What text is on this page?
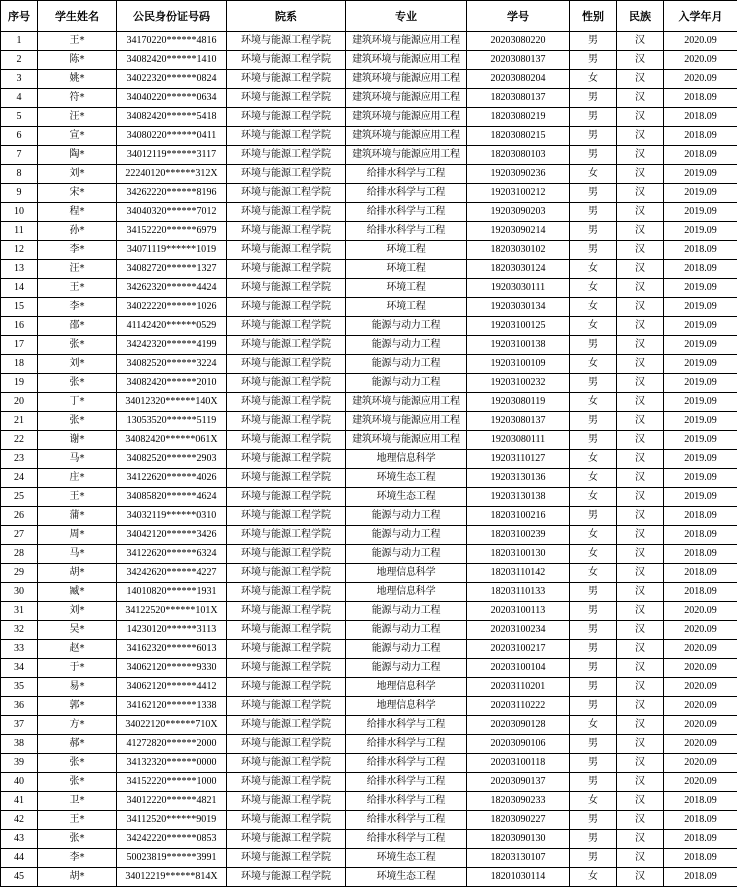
序号	学生姓名	公民身份证号码	院系	专业	学号	性别	民族	入学年月
1	王*	34170220******4816	环境与能源工程学院	建筑环境与能源应用工程	20203080220	男	汉	2020.09
2	陈*	34082420******1410	环境与能源工程学院	建筑环境与能源应用工程	20203080137	男	汉	2020.09
3	姚*	34022320******0824	环境与能源工程学院	建筑环境与能源应用工程	20203080204	女	汉	2020.09
4	符*	34040220******0634	环境与能源工程学院	建筑环境与能源应用工程	18203080137	男	汉	2018.09
5	汪*	34082420******5418	环境与能源工程学院	建筑环境与能源应用工程	18203080219	男	汉	2018.09
6	宣*	34080220******0411	环境与能源工程学院	建筑环境与能源应用工程	18203080215	男	汉	2018.09
7	陶*	34012119******3117	环境与能源工程学院	建筑环境与能源应用工程	18203080103	男	汉	2018.09
8	刘*	22240120******312X	环境与能源工程学院	给排水科学与工程	19203090236	女	汉	2019.09
9	宋*	34262220******8196	环境与能源工程学院	给排水科学与工程	19203100212	男	汉	2019.09
10	程*	34040320******7012	环境与能源工程学院	给排水科学与工程	19203090203	男	汉	2019.09
11	孙*	34152220******6979	环境与能源工程学院	给排水科学与工程	19203090214	男	汉	2019.09
12	李*	34071119******1019	环境与能源工程学院	环境工程	18203030102	男	汉	2018.09
13	汪*	34082720******1327	环境与能源工程学院	环境工程	18203030124	女	汉	2018.09
14	王*	34262320******4424	环境与能源工程学院	环境工程	19203030111	女	汉	2019.09
15	李*	34022220******1026	环境与能源工程学院	环境工程	19203030134	女	汉	2019.09
16	邵*	41142420******0529	环境与能源工程学院	能源与动力工程	19203100125	女	汉	2019.09
17	张*	34242320******4199	环境与能源工程学院	能源与动力工程	19203100138	男	汉	2019.09
18	刘*	34082520******3224	环境与能源工程学院	能源与动力工程	19203100109	女	汉	2019.09
19	张*	34082420******2010	环境与能源工程学院	能源与动力工程	19203100232	男	汉	2019.09
20	丁*	34012320******140X	环境与能源工程学院	建筑环境与能源应用工程	19203080119	女	汉	2019.09
21	张*	13053520******5119	环境与能源工程学院	建筑环境与能源应用工程	19203080137	男	汉	2019.09
22	谢*	34082420******061X	环境与能源工程学院	建筑环境与能源应用工程	19203080111	男	汉	2019.09
23	马*	34082520******2903	环境与能源工程学院	地理信息科学	19203110127	女	汉	2019.09
24	庄*	34122620******4026	环境与能源工程学院	环境生态工程	19203130136	女	汉	2019.09
25	王*	34085820******4624	环境与能源工程学院	环境生态工程	19203130138	女	汉	2019.09
26	蒲*	34032119******0310	环境与能源工程学院	能源与动力工程	18203100216	男	汉	2018.09
27	周*	34042120******3426	环境与能源工程学院	能源与动力工程	18203100239	女	汉	2018.09
28	马*	34122620******6324	环境与能源工程学院	能源与动力工程	18203100130	女	汉	2018.09
29	胡*	34242620******4227	环境与能源工程学院	地理信息科学	18203110142	女	汉	2018.09
30	臧*	14010820******1931	环境与能源工程学院	地理信息科学	18203110133	男	汉	2018.09
31	刘*	34122520******101X	环境与能源工程学院	能源与动力工程	20203100113	男	汉	2020.09
32	吴*	14230120******3113	环境与能源工程学院	能源与动力工程	20203100234	男	汉	2020.09
33	赵*	34162320******6013	环境与能源工程学院	能源与动力工程	20203100217	男	汉	2020.09
34	于*	34062120******9330	环境与能源工程学院	能源与动力工程	20203100104	男	汉	2020.09
35	易*	34062120******4412	环境与能源工程学院	地理信息科学	20203110201	男	汉	2020.09
36	郭*	34162120******1338	环境与能源工程学院	地理信息科学	20203110222	男	汉	2020.09
37	方*	34022120******710X	环境与能源工程学院	给排水科学与工程	20203090128	女	汉	2020.09
38	郝*	41272820******2000	环境与能源工程学院	给排水科学与工程	20203090106	男	汉	2020.09
39	张*	34132320******0000	环境与能源工程学院	给排水科学与工程	20203100118	男	汉	2020.09
40	张*	34152220******1000	环境与能源工程学院	给排水科学与工程	20203090137	男	汉	2020.09
41	卫*	34012220******4821	环境与能源工程学院	给排水科学与工程	18203090233	女	汉	2018.09
42	王*	34112520******9019	环境与能源工程学院	给排水科学与工程	18203090227	男	汉	2018.09
43	张*	34242220******0853	环境与能源工程学院	给排水科学与工程	18203090130	男	汉	2018.09
44	李*	50023819******3991	环境与能源工程学院	环境生态工程	18203130107	男	汉	2018.09
45	胡*	34012219******814X	环境与能源工程学院	环境生态工程	18201030114	女	汉	2018.09
